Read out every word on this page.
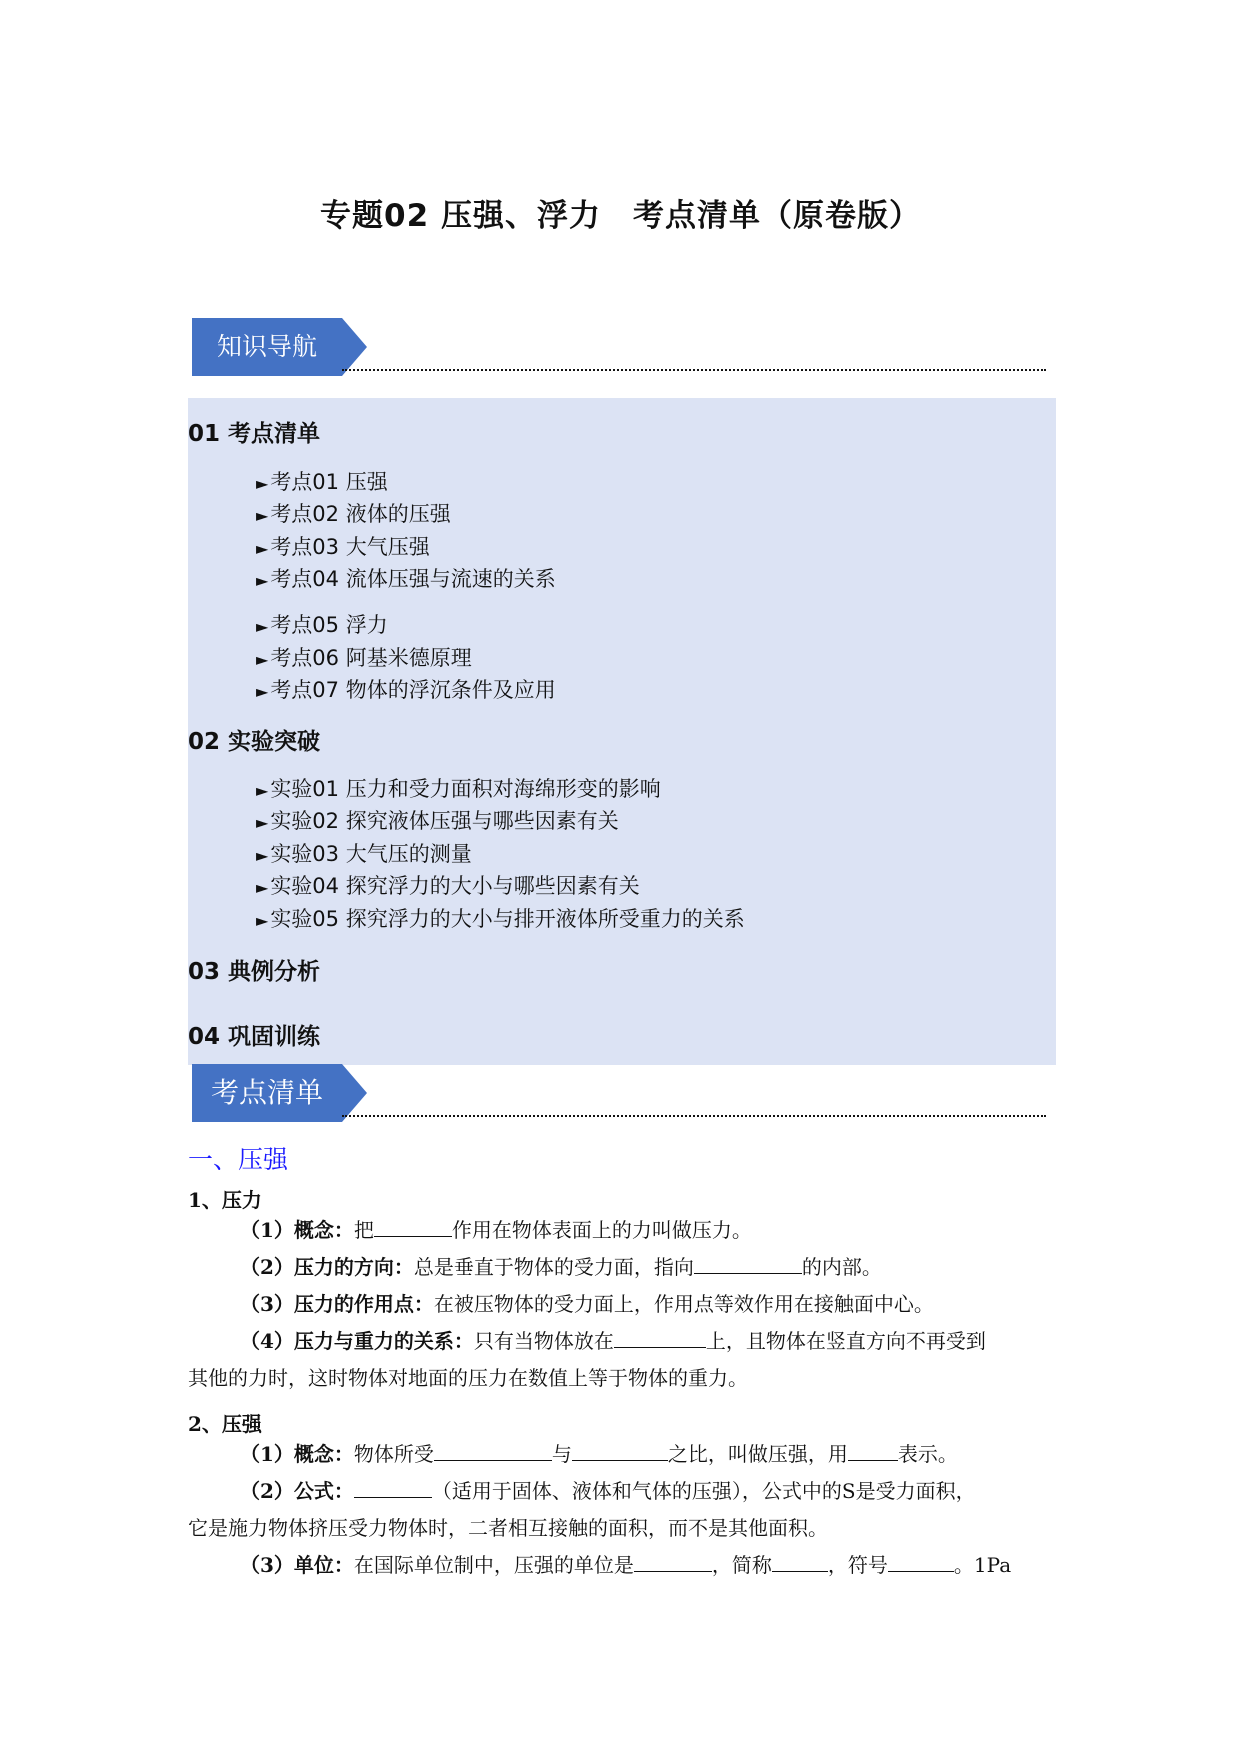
专题02 压强、浮力　考点清单（原卷版）
知识导航
01 考点清单
►考点01 压强
►考点02 液体的压强
►考点03 大气压强
►考点04 流体压强与流速的关系
►考点05 浮力
►考点06 阿基米德原理
►考点07 物体的浮沉条件及应用
02 实验突破
►实验01 压力和受力面积对海绵形变的影响
►实验02 探究液体压强与哪些因素有关
►实验03 大气压的测量
►实验04 探究浮力的大小与哪些因素有关
►实验05 探究浮力的大小与排开液体所受重力的关系
03 典例分析
04 巩固训练
考点清单
一、压强
1、压力
（1）概念：把	作用在物体表面上的力叫做压力。
（2）压力的方向：总是垂直于物体的受力面，指向	的内部。
（3）压力的作用点：在被压物体的受力面上，作用点等效作用在接触面中心。
（4）压力与重力的关系：只有当物体放在	上，且物体在竖直方向不再受到
其他的力时，这时物体对地面的压力在数值上等于物体的重力。
2、压强
（1）概念：物体所受	与	之比，叫做压强，用	表示。
（2）公式：	（适用于固体、液体和气体的压强），公式中的S是受力面积，
它是施力物体挤压受力物体时，二者相互接触的面积，而不是其他面积。
（3）单位：在国际单位制中，压强的单位是	，简称	，符号	。1Pa
